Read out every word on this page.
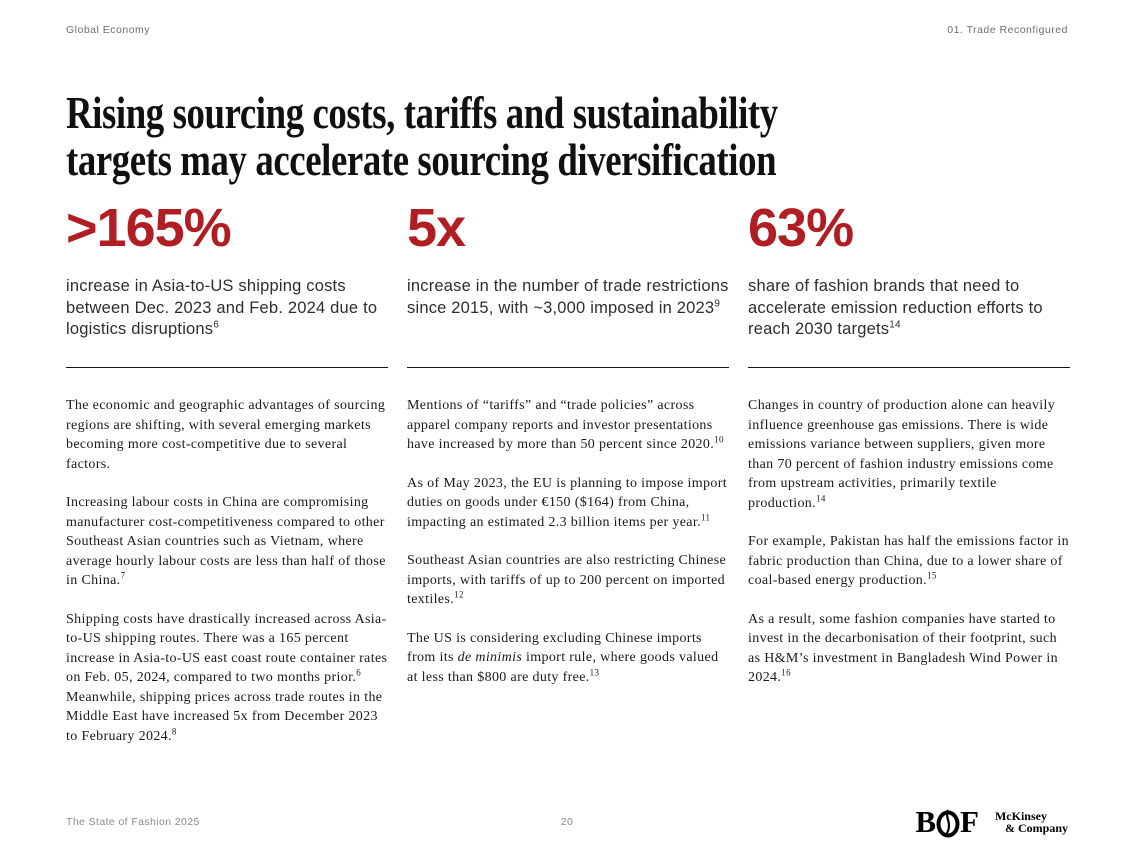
Global Economy	01. Trade Reconfigured
Rising sourcing costs, tariffs and sustainability
targets may accelerate sourcing diversification
>165%
increase in Asia-to-US shipping costs between Dec. 2023 and Feb. 2024 due to logistics disruptions$^6$
5x
increase in the number of trade restrictions since 2015, with ~3,000 imposed in 2023$^9$
63%
share of fashion brands that need to accelerate emission reduction efforts to reach 2030 targets$^{14}$

The economic and geographic advantages of sourcing regions are shifting, with several emerging markets becoming more cost-competitive due to several factors.

Increasing labour costs in China are compromising manufacturer cost-competitiveness compared to other Southeast Asian countries such as Vietnam, where average hourly labour costs are less than half of those in China.$^7$

Shipping costs have drastically increased across Asia-to-US shipping routes. There was a 165 percent increase in Asia-to-US east coast route container rates on Feb. 05, 2024, compared to two months prior.$^6$ Meanwhile, shipping prices across trade routes in the Middle East have increased 5x from December 2023 to February 2024.$^8$

Mentions of “tariffs” and “trade policies” across apparel company reports and investor presentations have increased by more than 50 percent since 2020.10

As of May 2023, the EU is planning to impose import duties on goods under €150 ($164) from China, impacting an estimated 2.3 billion items per year.$^{11}$

Southeast Asian countries are also restricting Chinese imports, with tariffs of up to 200 percent on imported textiles.$^{12}$

The US is considering excluding Chinese imports from its de minimis import rule, where goods valued at less than $800 are duty free.$^{13}$

Changes in country of production alone can heavily influence greenhouse gas emissions. There is wide emissions variance between suppliers, given more than 70 percent of fashion industry emissions come from upstream activities, primarily textile production.$^{14}$

For example, Pakistan has half the emissions factor in fabric production than China, due to a lower share of coal-based energy production.$^{15}$

As a result, some fashion companies have started to invest in the decarbonisation of their footprint, such as H&M’s investment in Bangladesh Wind Power in 2024.16

The State of Fashion 2025	20	B F McKinsey
& Company
